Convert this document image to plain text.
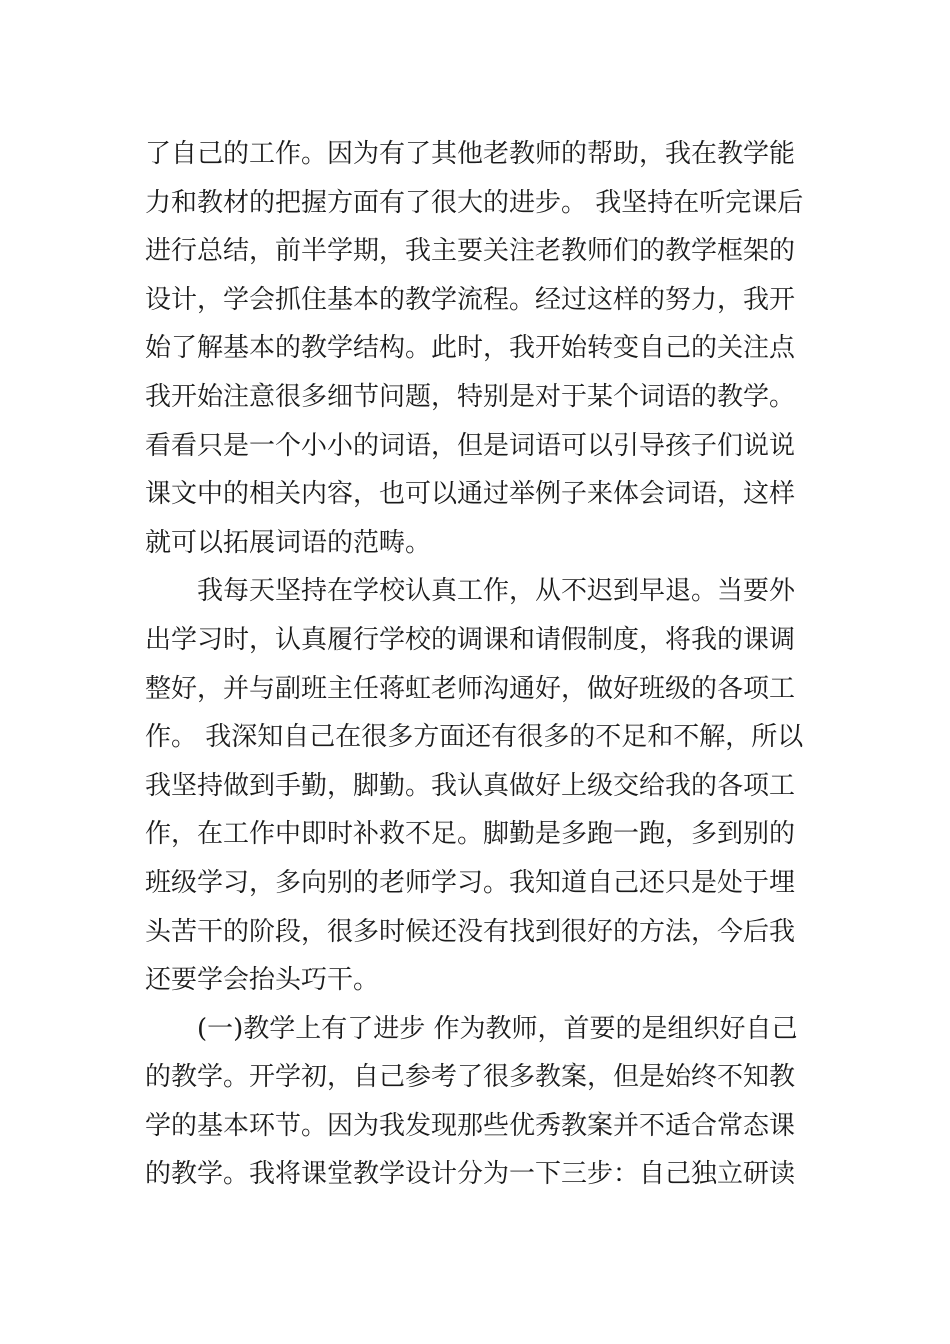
了自己的工作。因为有了其他老教师的帮助，我在教学能
力和教材的把握方面有了很大的进步。 我坚持在听完课后
进行总结，前半学期，我主要关注老教师们的教学框架的
设计，学会抓住基本的教学流程。经过这样的努力，我开
始了解基本的教学结构。此时，我开始转变自己的关注点
我开始注意很多细节问题，特别是对于某个词语的教学。
看看只是一个小小的词语，但是词语可以引导孩子们说说
课文中的相关内容，也可以通过举例子来体会词语，这样
就可以拓展词语的范畴。
我每天坚持在学校认真工作，从不迟到早退。当要外
出学习时，认真履行学校的调课和请假制度，将我的课调
整好，并与副班主任蒋虹老师沟通好，做好班级的各项工
作。 我深知自己在很多方面还有很多的不足和不解，所以
我坚持做到手勤，脚勤。我认真做好上级交给我的各项工
作，在工作中即时补救不足。脚勤是多跑一跑，多到别的
班级学习，多向别的老师学习。我知道自己还只是处于埋
头苦干的阶段，很多时候还没有找到很好的方法，今后我
还要学会抬头巧干。
(一)教学上有了进步 作为教师，首要的是组织好自己
的教学。开学初，自己参考了很多教案，但是始终不知教
学的基本环节。因为我发现那些优秀教案并不适合常态课
的教学。我将课堂教学设计分为一下三步：自己独立研读
